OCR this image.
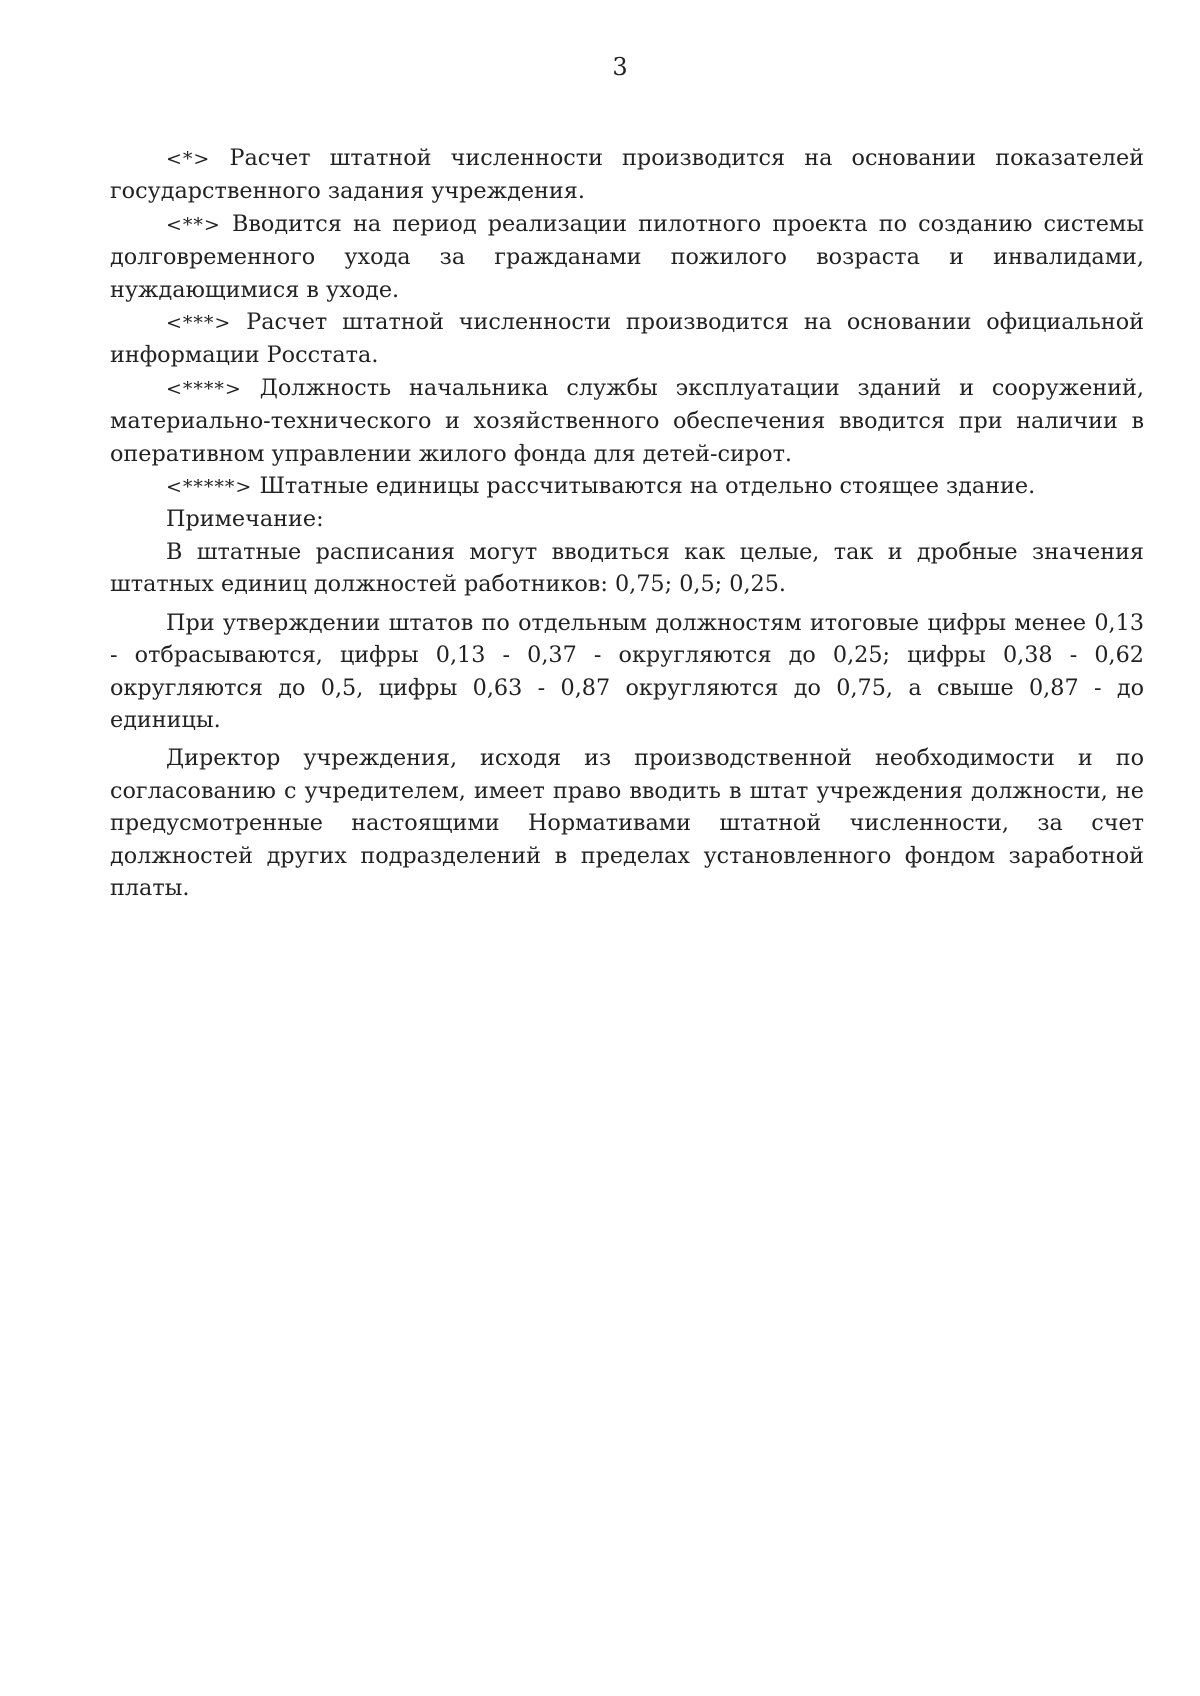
3

<*> Расчет штатной численности производится на основании показателей государственного задания учреждения.

<**> Вводится на период реализации пилотного проекта по созданию системы долговременного ухода за гражданами пожилого возраста и инвалидами, нуждающимися в уходе.

<***> Расчет штатной численности производится на основании официальной информации Росстата.

<****> Должность начальника службы эксплуатации зданий и сооружений, материально-технического и хозяйственного обеспечения вводится при наличии в оперативном управлении жилого фонда для детей-сирот.

<*****> Штатные единицы рассчитываются на отдельно стоящее здание.

Примечание:

В штатные расписания могут вводиться как целые, так и дробные значения штатных единиц должностей работников: 0,75; 0,5; 0,25.

При утверждении штатов по отдельным должностям итоговые цифры менее 0,13 - отбрасываются, цифры 0,13 - 0,37 - округляются до 0,25; цифры 0,38 - 0,62 округляются до 0,5, цифры 0,63 - 0,87 округляются до 0,75, а свыше 0,87 - до единицы.

Директор учреждения, исходя из производственной необходимости и по согласованию с учредителем, имеет право вводить в штат учреждения должности, не предусмотренные настоящими Нормативами штатной численности, за счет должностей других подразделений в пределах установленного фондом заработной платы.
